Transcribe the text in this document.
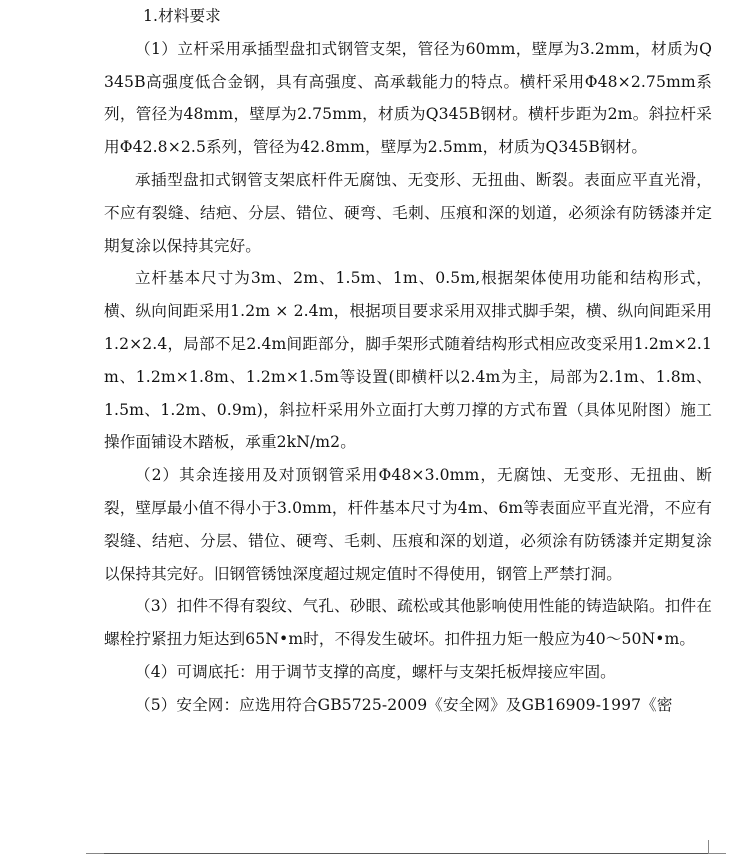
1.材料要求

（1）立杆采用承插型盘扣式钢管支架，管径为60mm，壁厚为3.2mm，材质为Q345B高强度低合金钢，具有高强度、高承载能力的特点。横杆采用Φ48×2.75mm系列，管径为48mm，壁厚为2.75mm，材质为Q345B钢材。横杆步距为2m。斜拉杆采用Φ42.8×2.5系列，管径为42.8mm，壁厚为2.5mm，材质为Q345B钢材。

承插型盘扣式钢管支架底杆件无腐蚀、无变形、无扭曲、断裂。表面应平直光滑，不应有裂缝、结疤、分层、错位、硬弯、毛刺、压痕和深的划道，必须涂有防锈漆并定期复涂以保持其完好。

立杆基本尺寸为3m、2m、1.5m、1m、0.5m,根据架体使用功能和结构形式，横、纵向间距采用1.2m × 2.4m，根据项目要求采用双排式脚手架，横、纵向间距采用1.2×2.4，局部不足2.4m间距部分，脚手架形式随着结构形式相应改变采用1.2m×2.1m、1.2m×1.8m、1.2m×1.5m等设置(即横杆以2.4m为主，局部为2.1m、1.8m、1.5m、1.2m、0.9m)，斜拉杆采用外立面打大剪刀撑的方式布置（具体见附图）施工操作面铺设木踏板，承重2kN/m2。

（2）其余连接用及对顶钢管采用Φ48×3.0mm，无腐蚀、无变形、无扭曲、断裂，壁厚最小值不得小于3.0mm，杆件基本尺寸为4m、6m等表面应平直光滑，不应有裂缝、结疤、分层、错位、硬弯、毛刺、压痕和深的划道，必须涂有防锈漆并定期复涂以保持其完好。旧钢管锈蚀深度超过规定值时不得使用，钢管上严禁打洞。

（3）扣件不得有裂纹、气孔、砂眼、疏松或其他影响使用性能的铸造缺陷。扣件在螺栓拧紧扭力矩达到65N•m时，不得发生破坏。扣件扭力矩一般应为40～50N•m。

（4）可调底托：用于调节支撑的高度，螺杆与支架托板焊接应牢固。

（5）安全网：应选用符合GB5725-2009《安全网》及GB16909-1997《密
